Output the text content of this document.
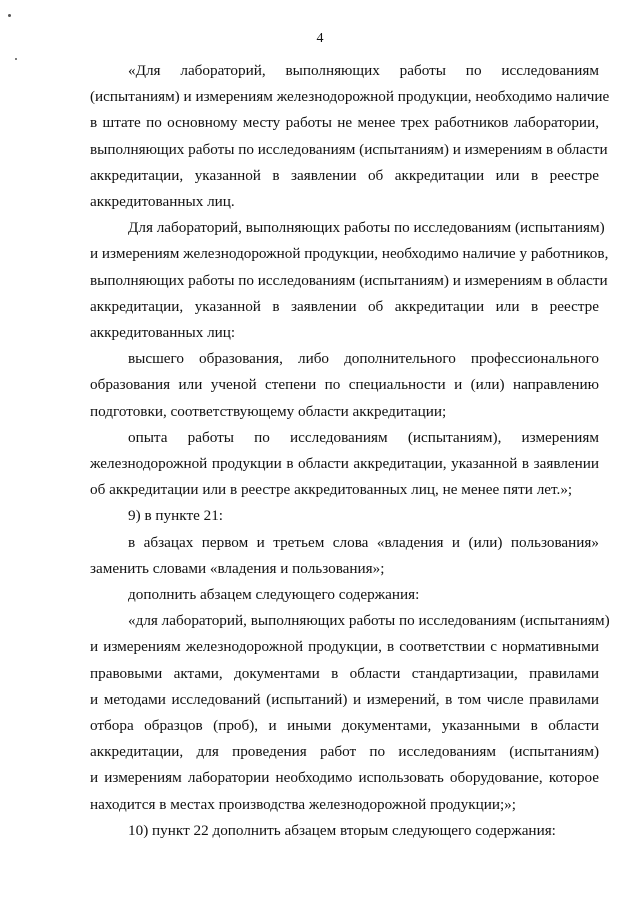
4

«Для лабораторий, выполняющих работы по исследованиям
(испытаниям) и измерениям железнодорожной продукции, необходимо наличие
в штате по основному месту работы не менее трех работников лаборатории,
выполняющих работы по исследованиям (испытаниям) и измерениям в области
аккредитации, указанной в заявлении об аккредитации или в реестре
аккредитованных лиц.

Для лабораторий, выполняющих работы по исследованиям (испытаниям)
и измерениям железнодорожной продукции, необходимо наличие у работников,
выполняющих работы по исследованиям (испытаниям) и измерениям в области
аккредитации, указанной в заявлении об аккредитации или в реестре
аккредитованных лиц:

высшего образования, либо дополнительного профессионального
образования или ученой степени по специальности и (или) направлению
подготовки, соответствующему области аккредитации;

опыта работы по исследованиям (испытаниям), измерениям
железнодорожной продукции в области аккредитации, указанной в заявлении
об аккредитации или в реестре аккредитованных лиц, не менее пяти лет.»;

9) в пункте 21:

в абзацах первом и третьем слова «владения и (или) пользования»
заменить словами «владения и пользования»;

дополнить абзацем следующего содержания:

«для лабораторий, выполняющих работы по исследованиям (испытаниям)
и измерениям железнодорожной продукции, в соответствии с нормативными
правовыми актами, документами в области стандартизации, правилами
и методами исследований (испытаний) и измерений, в том числе правилами
отбора образцов (проб), и иными документами, указанными в области
аккредитации, для проведения работ по исследованиям (испытаниям)
и измерениям лаборатории необходимо использовать оборудование, которое
находится в местах производства железнодорожной продукции;»;

10) пункт 22 дополнить абзацем вторым следующего содержания:
